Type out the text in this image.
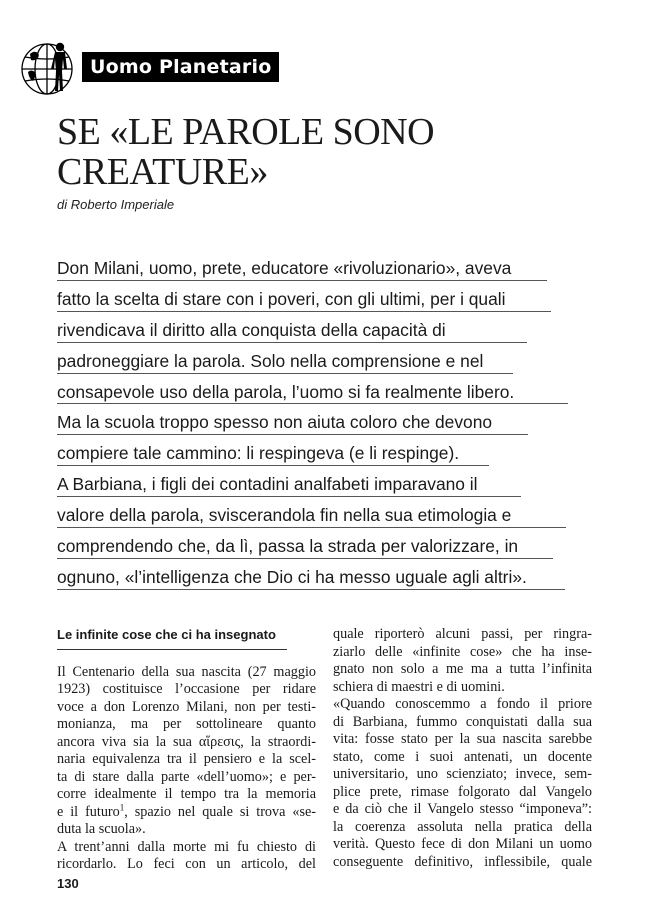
Uomo Planetario
SE «LE PAROLE SONO
CREATURE»
di Roberto Imperiale
Don Milani, uomo, prete, educatore «rivoluzionario», aveva
fatto la scelta di stare con i poveri, con gli ultimi, per i quali
rivendicava il diritto alla conquista della capacità di
padroneggiare la parola. Solo nella comprensione e nel
consapevole uso della parola, l’uomo si fa realmente libero.
Ma la scuola troppo spesso non aiuta coloro che devono
compiere tale cammino: li respingeva (e li respinge).
A Barbiana, i figli dei contadini analfabeti imparavano il
valore della parola, sviscerandola fin nella sua etimologia e
comprendendo che, da lì, passa la strada per valorizzare, in
ognuno, «l’intelligenza che Dio ci ha messo uguale agli altri».
Le infinite cose che ci ha insegnato
Il Centenario della sua nascita (27 maggio
1923) costituisce l’occasione per ridare
voce a don Lorenzo Milani, non per testi-
monianza, ma per sottolineare quanto
ancora viva sia la sua αἵρεσις, la straordi-
naria equivalenza tra il pensiero e la scel-
ta di stare dalla parte «dell’uomo»; e per-
corre idealmente il tempo tra la memoria
e il futuro$^1$, spazio nel quale si trova «se-
duta la scuola».
A trent’anni dalla morte mi fu chiesto di
ricordarlo. Lo feci con un articolo, del
quale riporterò alcuni passi, per ringra-
ziarlo delle «infinite cose» che ha inse-
gnato non solo a me ma a tutta l’infinita
schiera di maestri e di uomini.
«Quando conoscemmo a fondo il priore
di Barbiana, fummo conquistati dalla sua
vita: fosse stato per la sua nascita sarebbe
stato, come i suoi antenati, un docente
universitario, uno scienziato; invece, sem-
plice prete, rimase folgorato dal Vangelo
e da ciò che il Vangelo stesso “imponeva”:
la coerenza assoluta nella pratica della
verità. Questo fece di don Milani un uomo
conseguente definitivo, inflessibile, quale
130
